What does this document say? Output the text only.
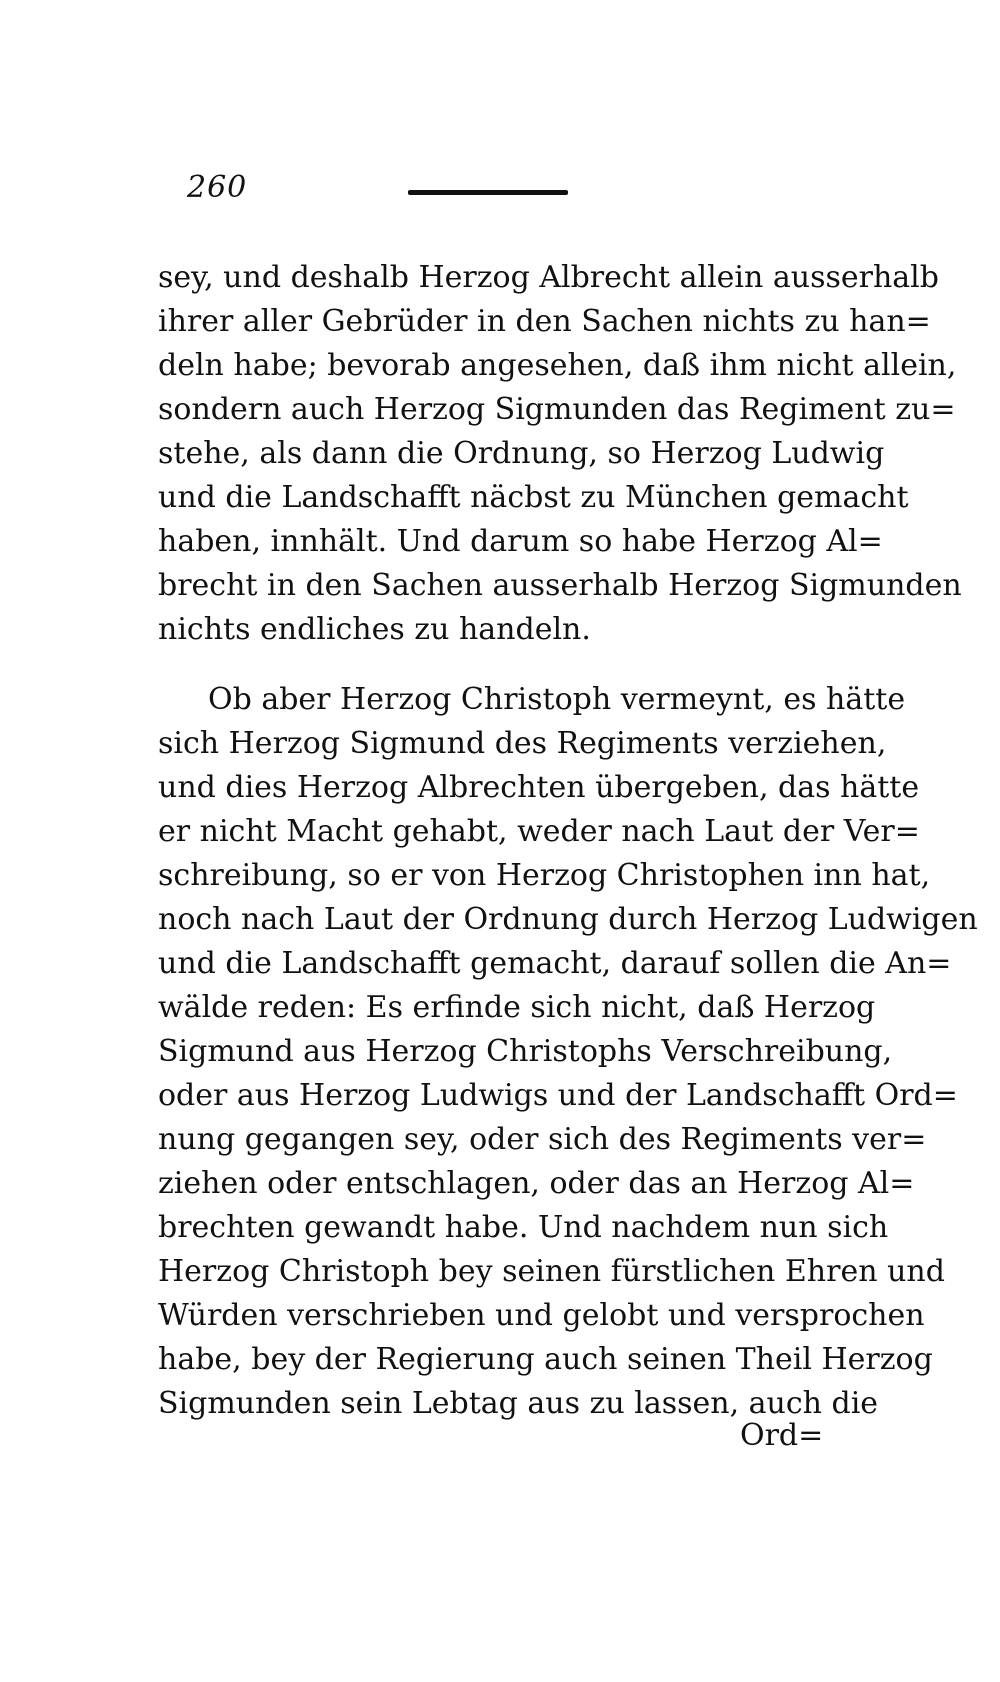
260
sey, und deshalb Herzog Albrecht allein ausserhalb
ihrer aller Gebrüder in den Sachen nichts zu han=
deln habe; bevorab angesehen, daß ihm nicht allein,
sondern auch Herzog Sigmunden das Regiment zu=
stehe, als dann die Ordnung, so Herzog Ludwig
und die Landschafft näcbst zu München gemacht
haben, innhält. Und darum so habe Herzog Al=
brecht in den Sachen ausserhalb Herzog Sigmunden
nichts endliches zu handeln.
Ob aber Herzog Christoph vermeynt, es hätte
sich Herzog Sigmund des Regiments verziehen,
und dies Herzog Albrechten übergeben, das hätte
er nicht Macht gehabt, weder nach Laut der Ver=
schreibung, so er von Herzog Christophen inn hat,
noch nach Laut der Ordnung durch Herzog Ludwigen
und die Landschafft gemacht, darauf sollen die An=
wälde reden: Es erfinde sich nicht, daß Herzog
Sigmund aus Herzog Christophs Verschreibung,
oder aus Herzog Ludwigs und der Landschafft Ord=
nung gegangen sey, oder sich des Regiments ver=
ziehen oder entschlagen, oder das an Herzog Al=
brechten gewandt habe. Und nachdem nun sich
Herzog Christoph bey seinen fürstlichen Ehren und
Würden verschrieben und gelobt und versprochen
habe, bey der Regierung auch seinen Theil Herzog
Sigmunden sein Lebtag aus zu lassen, auch die
Ord=
